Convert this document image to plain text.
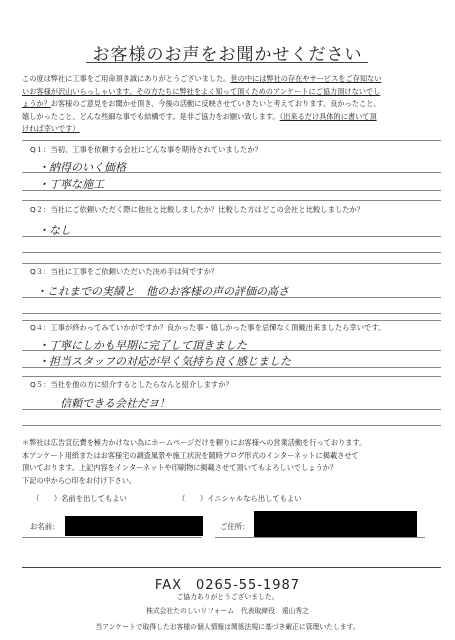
お客様のお声をお聞かせください
この度は弊社に工事をご用命頂き誠にありがとうございました。世の中には弊社の存在やサービスをご存知ない
いお客様が沢山いらっしゃいます。その方たちに弊社をよく知って頂くためのアンケートにご協力頂けないでし
ょうか？お客様のご意見をお聞かせ頂き、今後の活動に反映させていきたいと考えております。良かったこと、
嬉しかったこと、どんな些細な事でも結構です。是非ご協力をお願い致します。（出来るだけ具体的に書いて頂
ければ幸いです）
Q１：当初、工事を依頼する会社にどんな事を期待されていましたか？
・納得のいく価格
・丁寧な施工
Q２：当社にご依頼いただく際に他社と比較しましたか？比較した方はどこの会社と比較しましたか？
・なし
Q３：当社に工事をご依頼いただいた決め手は何ですか？
・これまでの実績と　他のお客様の声の評価の高さ
Q４：工事が終わってみていかがですか？良かった事・嬉しかった事を忌憚なく頂戴出来ましたら幸いです。
・丁寧にしかも早期に完了して頂きました
・担当スタッフの対応が早く気持ち良く感じました
Q５：当社を他の方に紹介するとしたらなんと紹介しますか？
信頼できる会社だヨ！
＊弊社は広告宣伝費を極力かけない為にホームページだけを頼りにお客様への営業活動を行っております。
本アンケート用紙またはお客様宅の調査風景や施工状況を随時ブログ形式のインターネットに掲載させて
頂いております。上記内容をインターネットや印刷物に掲載させて頂いてもよろしいでしょうか？
下記の中から○印をお付け下さい。
（　　）名前を出してもよい	（　　）イニシャルなら出してもよい
お名前：	ご住所：
FAX　0265-55-1987
ご協力ありがとうございました。
株式会社たのしいリフォーム　代表取締役　遠山秀之
当アンケートで取得したお客様の個人情報は関係法規に基づき厳正に管理いたします。
